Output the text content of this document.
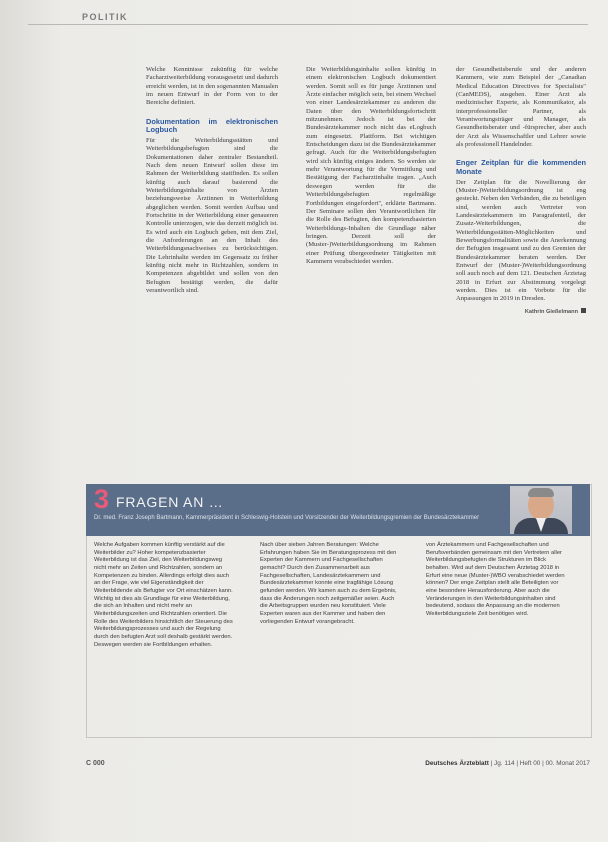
POLITIK

Welche Kenntnisse zukünftig für welche Facharztweiterbildung vorausgesetzt und dadurch erreicht werden, ist in den sogenannten Manualen im neuen Entwurf in der Form von to der Bereiche definiert.

Dokumentation im elektronischen Logbuch

Für die Weiterbildungsstätten und Weiterbildungsbefugten sind die Dokumentationen daher zentraler Bestandteil. Nach dem neuen Entwurf sollen diese im Rahmen der Weiterbildung stattfinden. Es sollen künftig auch darauf basierend die Weiterbildungsinhalte von Ärzten beziehungsweise Ärztinnen in Weiterbildung abgeglichen werden. Somit werden Aufbau und Fortschritte in der Weiterbildung einer genaueren Kontrolle unterzogen, wie das derzeit möglich ist. Es wird auch ein Logbuch geben, mit dem Ziel, die Anforderungen an den Inhalt des Weiterbildungsnachweises zu berücksichtigen. Die Lehrinhalte werden im Gegensatz zu früher künftig nicht mehr in Richtzahlen, sondern in Kompetenzen abgebildet und sollen von den Befugten bestätigt werden, die dafür verantwortlich sind.

Die Weiterbildungsinhalte sollen künftig in einem elektronischen Logbuch dokumentiert werden. Somit soll es für junge Ärztinnen und Ärzte einfacher möglich sein, bei einem Wechsel von einer Landesärztekammer zu anderen die Daten über den Weiterbildungsfortschritt mitzunehmen. Jedoch ist bei der Bundesärztekammer noch nicht das eLogbuch zum eingesetzt. Plattform. Bei wichtigen Entscheidungen dazu ist die Bundesärztekammer gefragt. Auch für die Weiterbildungsbefugten wird sich künftig einiges ändern. So werden sie mehr Verantwortung für die Vermittlung und Bestätigung der Facharztinhalte tragen. „Auch deswegen werden für die Weiterbildungsbefugten regelmäßige Fortbildungen eingefordert", erklärte Bartmann. Der Seminare sollen den Verantwortlichen für die Rolle des Befugten, den kompetenzbasierten Weiterbildungs-Inhalten die Grundlage näher bringen. Derzeit soll der (Muster-)Weiterbildungsordnung im Rahmen einer Prüfung übergeordneter Tätigkeiten mit Kammern verabschiedet werden.

der Gesundheitsberufe und der anderen Kammern, wie zum Beispiel der „Canadian Medical Education Directives for Specialists" (CanMEDS), ausgehen. Einer Arzt als medizinischer Experte, als Kommunikator, als interprofessioneller Partner, als Verantwortungsträger und Manager, als Gesundheitsberater und -fürsprecher, aber auch der Arzt als Wissenschaftler und Lehrer sowie als professionell Handelnder.

Enger Zeitplan für die kommenden Monate

Der Zeitplan für die Novellierung der (Muster-)Weiterbildungsordnung ist eng gesteckt. Neben den Verbänden, die zu beteiligen sind, werden auch Vertreter von Landesärztekammern im Paragrafenteil, der Zusatz-Weiterbildungen, die Weiterbildungsstätten-Möglichkeiten und Bewerbungsformalitäten sowie die Anerkennung der Befugten insgesamt und zu den Gremien der Bundesärztekammer beraten werden. Der Entwurf der (Muster-)Weiterbildungsordnung soll auch noch auf dem 121. Deutschen Ärztetag 2018 in Erfurt zur Abstimmung vorgelegt werden. Dies ist ein Vorbote für die Anpassungen in 2019 in Dresden.

Kathrin Gießelmann
3 FRAGEN AN …
Dr. med. Franz Joseph Bartmann, Kammerpräsident in Schleswig-Holstein und Vorsitzender der Weiterbildungsgremien der Bundesärztekammer

Welche Aufgaben kommen künftig verstärkt auf die Weiterbilder zu? Hoher kompetenzbasierter Weiterbildung ist das Ziel, den Weiterbildungsweg nicht mehr an Zeiten und Richtzahlen, sondern an Kompetenzen zu binden. Allerdings erfolgt dies auch an der Frage, wie viel Eigenständigkeit der Weiterbildende als Befugter vor Ort einschätzen kann. Wichtig ist dies als Grundlage für eine Weiterbildung, die sich an Inhalten und nicht mehr an Weiterbildungszeiten und Richtzahlen orientiert. Die Rolle des Weiterbilders hinsichtlich der Steuerung des Weiterbildungsprozesses und auch der Regelung durch den befugten Arzt soll deshalb gestärkt werden. Deswegen werden sie Fortbildungen erhalten.

Nach über sieben Jahren Beratungen: Welche Erfahrungen haben Sie im Beratungsprozess mit den Experten der Kammern und Fachgesellschaften gemacht? Durch den Zusammenarbeit aus Fachgesellschaften, Landesärztekammern und Bundesärztekammer konnte eine tragfähige Lösung gefunden werden. Wir kamen auch zu dem Ergebnis, dass die Änderungen noch zeitgemäßer seien. Auch die Arbeitsgruppen wurden neu konstituiert. Viele Experten waren aus der Kammer und haben den vorliegenden Entwurf vorangebracht.

von Ärztekammern und Fachgesellschaften und Berufsverbänden gemeinsam mit den Vertretern aller Weiterbildungsbefugten die Strukturen im Blick behalten. Wird auf dem Deutschen Ärztetag 2018 in Erfurt eine neue (Muster-)WBO verabschiedet werden können? Der enge Zeitplan stellt alle Beteiligten vor eine besondere Herausforderung. Aber auch die Veränderungen in den Weiterbildungsinhalten sind bedeutend, sodass die Anpassung an die modernen Weiterbildungsziele Zeit benötigen wird.

C 000	Deutsches Ärzteblatt | Jg. 114 | Heft 00 | 00. Monat 2017
